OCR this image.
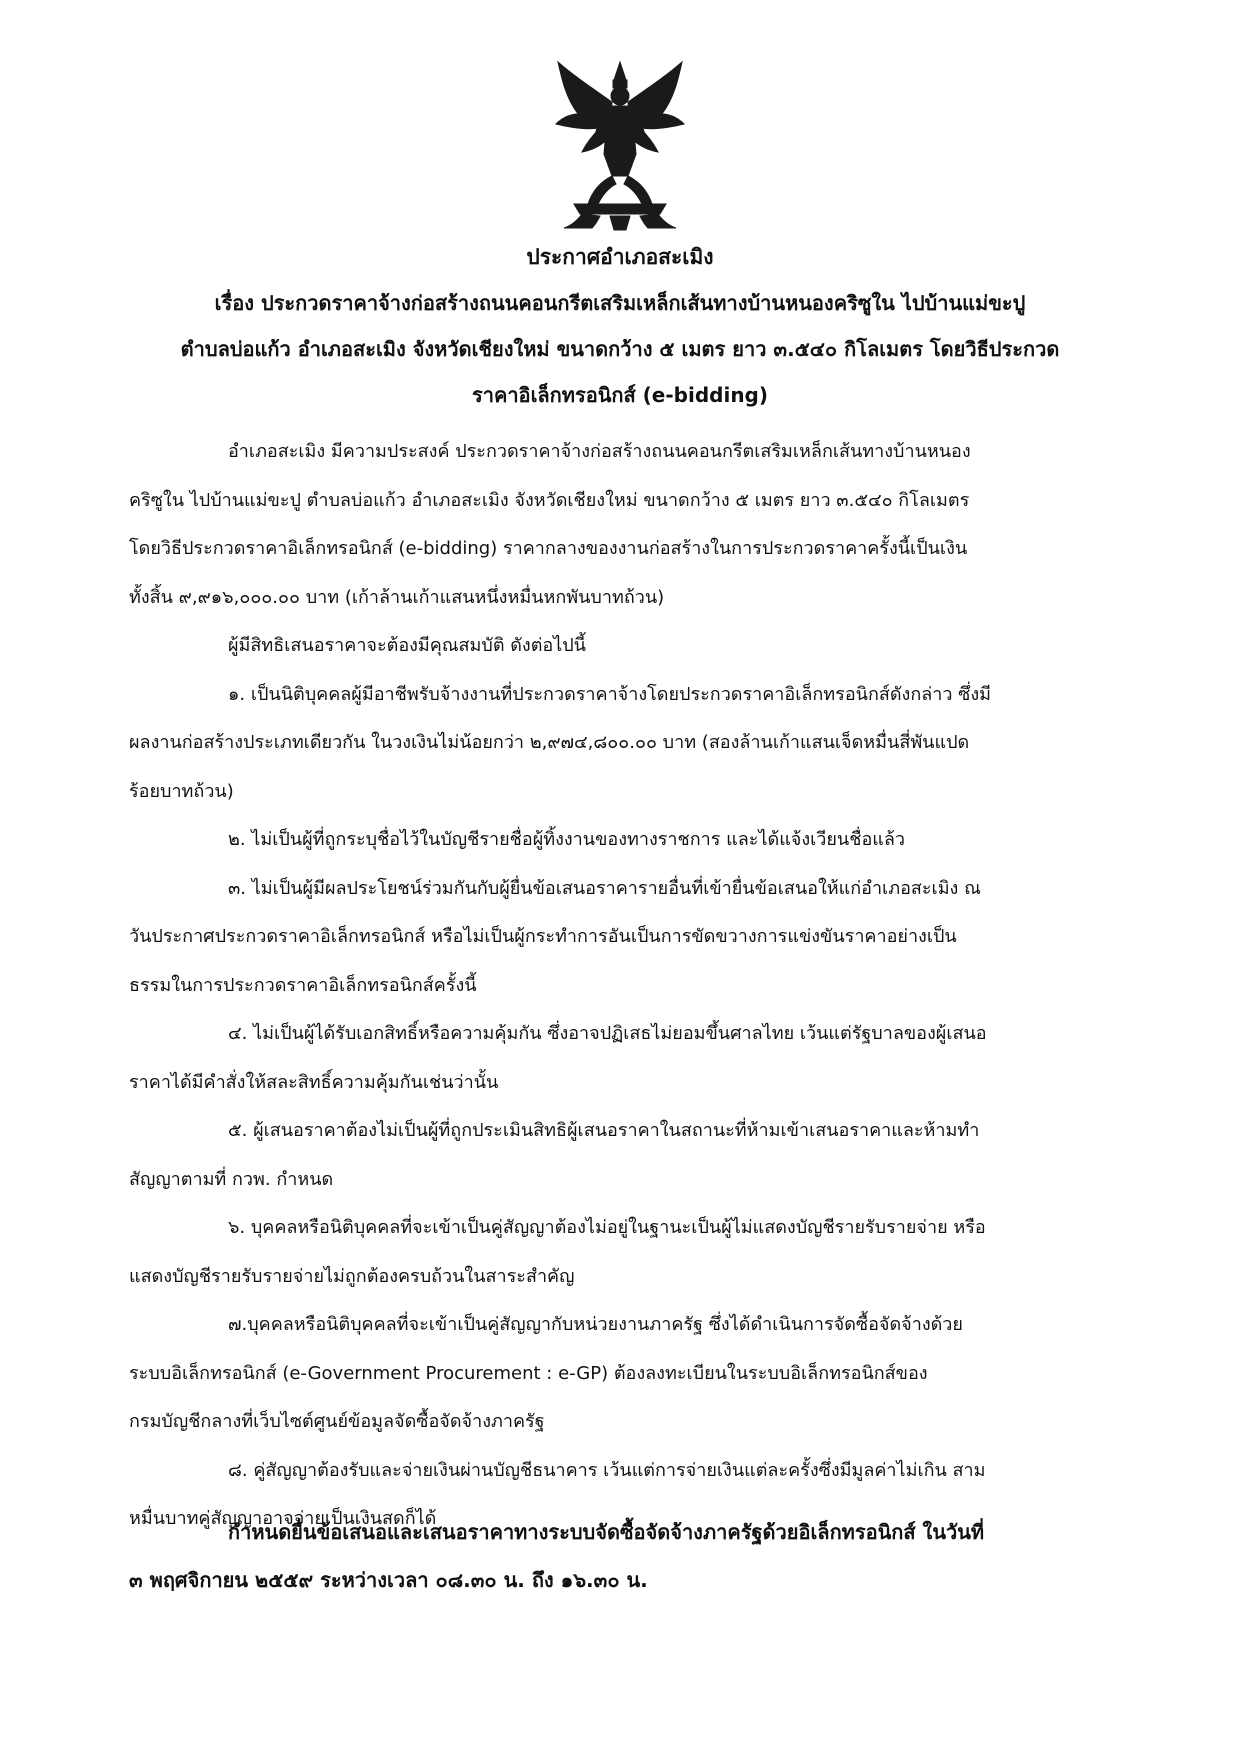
ประกาศอำเภอสะเมิง

เรื่อง ประกวดราคาจ้างก่อสร้างถนนคอนกรีตเสริมเหล็กเส้นทางบ้านหนองคริซูใน ไปบ้านแม่ขะปู

ตำบลบ่อแก้ว อำเภอสะเมิง จังหวัดเชียงใหม่ ขนาดกว้าง ๕ เมตร ยาว ๓.๕๔๐ กิโลเมตร โดยวิธีประกวด

ราคาอิเล็กทรอนิกส์ (e-bidding)

อำเภอสะเมิง มีความประสงค์ ประกวดราคาจ้างก่อสร้างถนนคอนกรีตเสริมเหล็กเส้นทางบ้านหนอง
คริซูใน ไปบ้านแม่ขะปู ตำบลบ่อแก้ว อำเภอสะเมิง จังหวัดเชียงใหม่ ขนาดกว้าง ๕ เมตร ยาว ๓.๕๔๐ กิโลเมตร
โดยวิธีประกวดราคาอิเล็กทรอนิกส์ (e-bidding) ราคากลางของงานก่อสร้างในการประกวดราคาครั้งนี้เป็นเงิน
ทั้งสิ้น ๙,๙๑๖,๐๐๐.๐๐ บาท (เก้าล้านเก้าแสนหนึ่งหมื่นหกพันบาทถ้วน)

ผู้มีสิทธิเสนอราคาจะต้องมีคุณสมบัติ ดังต่อไปนี้

๑. เป็นนิติบุคคลผู้มีอาชีพรับจ้างงานที่ประกวดราคาจ้างโดยประกวดราคาอิเล็กทรอนิกส์ดังกล่าว ซึ่งมี
ผลงานก่อสร้างประเภทเดียวกัน ในวงเงินไม่น้อยกว่า ๒,๙๗๔,๘๐๐.๐๐ บาท (สองล้านเก้าแสนเจ็ดหมื่นสี่พันแปด
ร้อยบาทถ้วน)

๒. ไม่เป็นผู้ที่ถูกระบุชื่อไว้ในบัญชีรายชื่อผู้ทิ้งงานของทางราชการ และได้แจ้งเวียนชื่อแล้ว

๓. ไม่เป็นผู้มีผลประโยชน์ร่วมกันกับผู้ยื่นข้อเสนอราคารายอื่นที่เข้ายื่นข้อเสนอให้แก่อำเภอสะเมิง ณ
วันประกาศประกวดราคาอิเล็กทรอนิกส์ หรือไม่เป็นผู้กระทำการอันเป็นการขัดขวางการแข่งขันราคาอย่างเป็น
ธรรมในการประกวดราคาอิเล็กทรอนิกส์ครั้งนี้

๔. ไม่เป็นผู้ได้รับเอกสิทธิ์หรือความคุ้มกัน ซึ่งอาจปฏิเสธไม่ยอมขึ้นศาลไทย เว้นแต่รัฐบาลของผู้เสนอ
ราคาได้มีคำสั่งให้สละสิทธิ์ความคุ้มกันเช่นว่านั้น

๕. ผู้เสนอราคาต้องไม่เป็นผู้ที่ถูกประเมินสิทธิผู้เสนอราคาในสถานะที่ห้ามเข้าเสนอราคาและห้ามทำ
สัญญาตามที่ กวพ. กำหนด

๖. บุคคลหรือนิติบุคคลที่จะเข้าเป็นคู่สัญญาต้องไม่อยู่ในฐานะเป็นผู้ไม่แสดงบัญชีรายรับรายจ่าย หรือ
แสดงบัญชีรายรับรายจ่ายไม่ถูกต้องครบถ้วนในสาระสำคัญ

๗.บุคคลหรือนิติบุคคลที่จะเข้าเป็นคู่สัญญากับหน่วยงานภาครัฐ ซึ่งได้ดำเนินการจัดซื้อจัดจ้างด้วย
ระบบอิเล็กทรอนิกส์ (e-Government Procurement : e-GP) ต้องลงทะเบียนในระบบอิเล็กทรอนิกส์ของ
กรมบัญชีกลางที่เว็บไซต์ศูนย์ข้อมูลจัดซื้อจัดจ้างภาครัฐ

๘. คู่สัญญาต้องรับและจ่ายเงินผ่านบัญชีธนาคาร เว้นแต่การจ่ายเงินแต่ละครั้งซึ่งมีมูลค่าไม่เกิน สาม
หมื่นบาทคู่สัญญาอาจจ่ายเป็นเงินสดก็ได้

กำหนดยื่นข้อเสนอและเสนอราคาทางระบบจัดซื้อจัดจ้างภาครัฐด้วยอิเล็กทรอนิกส์ ในวันที่
๓ พฤศจิกายน ๒๕๕๙ ระหว่างเวลา ๐๘.๓๐ น. ถึง ๑๖.๓๐ น.
